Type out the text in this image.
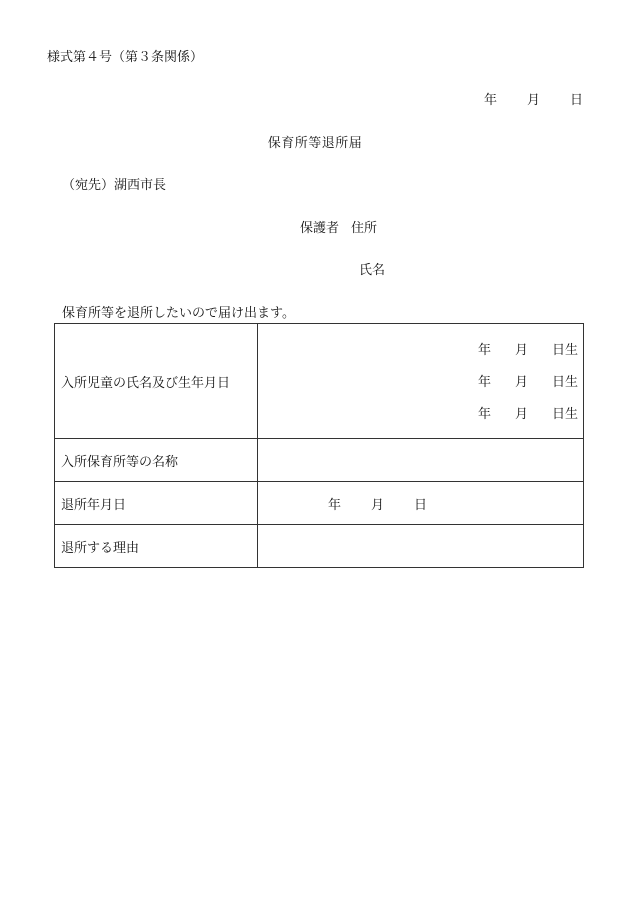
様式第４号（第３条関係）
年 月 日
保育所等退所届
（宛先）湖西市長
保護者 住所
氏名
保育所等を退所したいので届け出ます。
入所児童の氏名及び生年月日	年 月 日生
年 月 日生
年 月 日生

入所保育所等の名称	
退所年月日	年 月 日

退所する理由	
